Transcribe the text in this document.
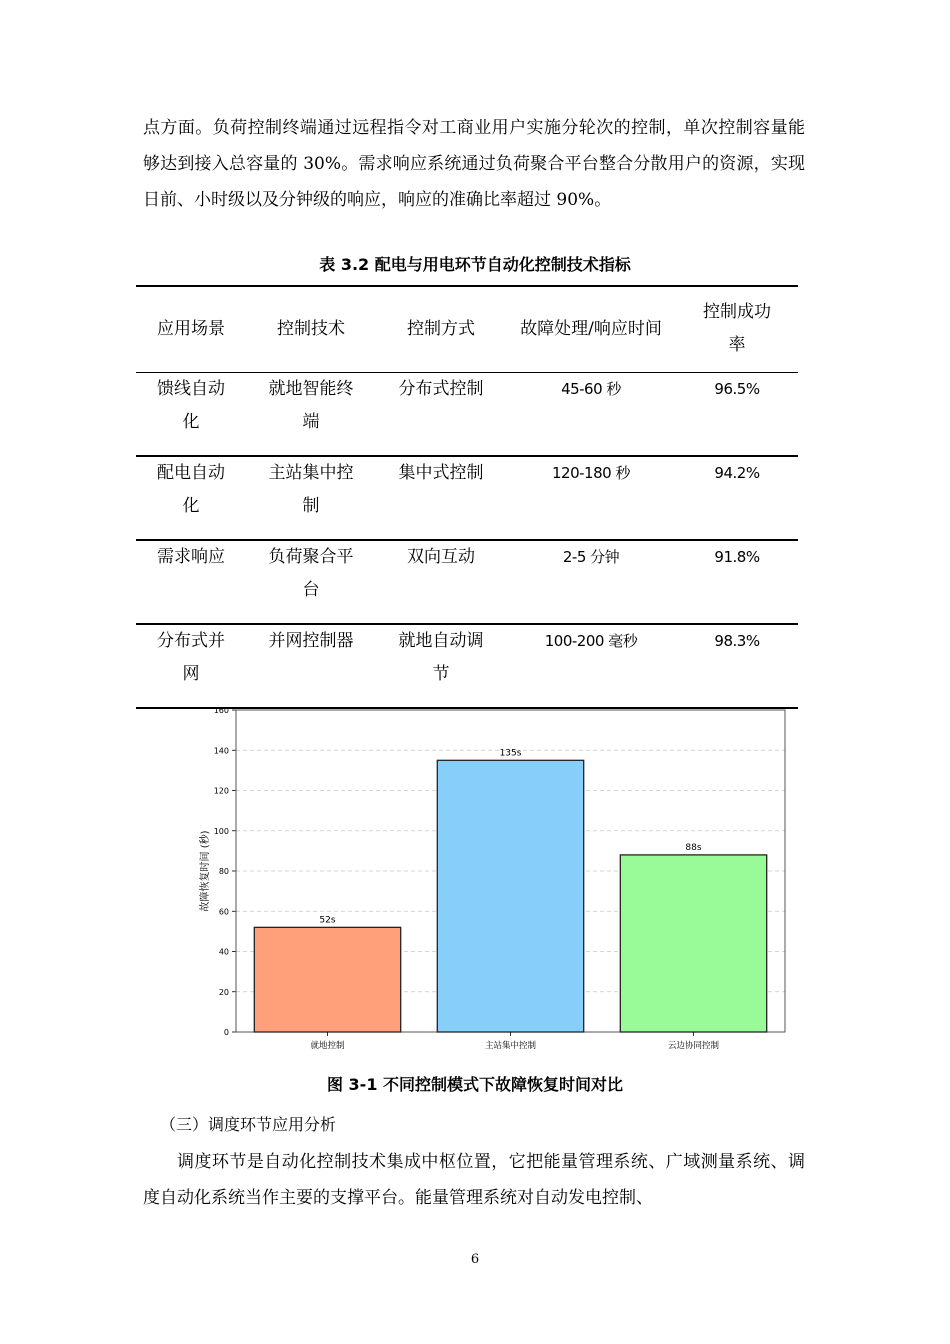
点方面。负荷控制终端通过远程指令对工商业用户实施分轮次的控制，单次控制容量能够达到接入总容量的 30%。需求响应系统通过负荷聚合平台整合分散用户的资源，实现日前、小时级以及分钟级的响应，响应的准确比率超过 90%。

表 3.2 配电与用电环节自动化控制技术指标
应用场景	控制技术	控制方式	故障处理/响应时间	控制成功率
馈线自动化	就地智能终端	分布式控制	45-60 秒	96.5%
配电自动化	主站集中控制	集中式控制	120-180 秒	94.2%
需求响应	负荷聚合平台	双向互动	2-5 分钟	91.8%
分布式并网	并网控制器	就地自动调节	100-200 毫秒	98.3%
0
20
40
60
80
100
120
140
160
52s
就地控制
135s
主站集中控制
88s
云边协同控制
故障恢复时间 (秒)
图 3-1 不同控制模式下故障恢复时间对比
（三）调度环节应用分析

调度环节是自动化控制技术集成中枢位置，它把能量管理系统、广域测量系统、调度自动化系统当作主要的支撑平台。能量管理系统对自动发电控制、

6
